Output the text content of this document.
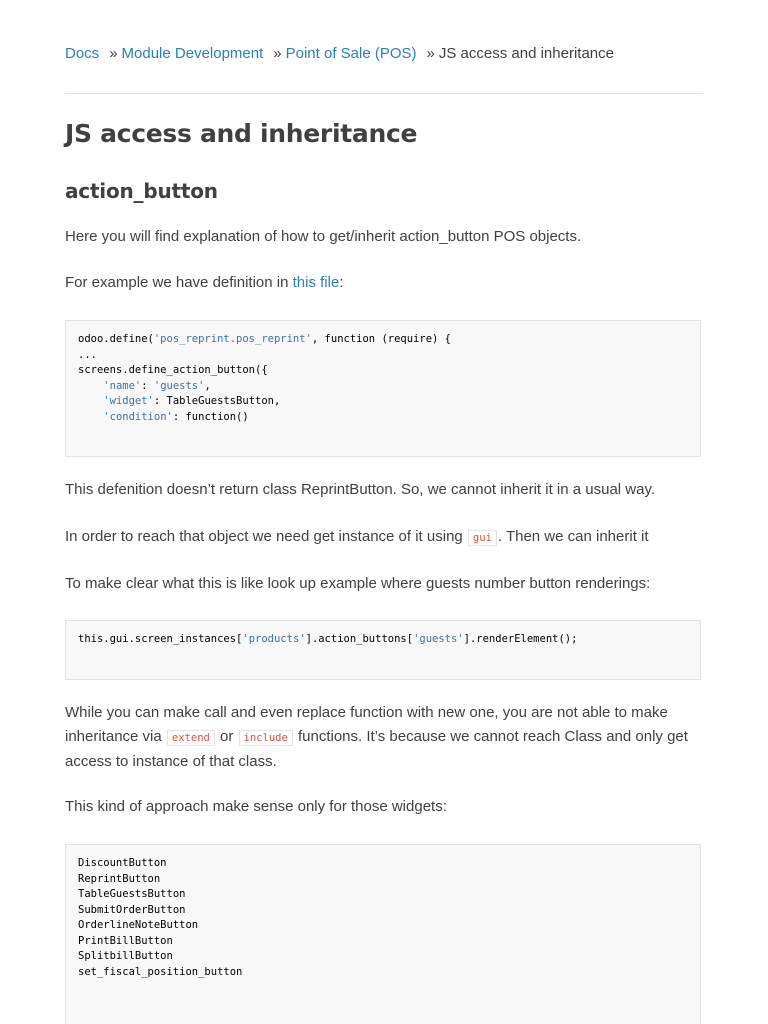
Docs » Module Development » Point of Sale (POS) » JS access and inheritance
JS access and inheritance
action_button

Here you will find explanation of how to get/inherit action_button POS objects.

For example we have definition in this file:

odoo.define('pos_reprint.pos_reprint', function (require) {
...
screens.define_action_button({
'name': 'guests',
'widget': TableGuestsButton,
'condition': function()

This defenition doesn’t return class ReprintButton. So, we cannot inherit it in a usual way.

In order to reach that object we need get instance of it using gui . Then we can inherit it

To make clear what this is like look up example where guests number button renderings:

this.gui.screen_instances['products'].action_buttons['guests'].renderElement();

While you can make call and even replace function with new one, you are not able to make inheritance via extend or include functions. It’s because we cannot reach Class and only get access to instance of that class.

This kind of approach make sense only for those widgets:

DiscountButton
ReprintButton
TableGuestsButton
SubmitOrderButton
OrderlineNoteButton
PrintBillButton
SplitbillButton
set_fiscal_position_button
